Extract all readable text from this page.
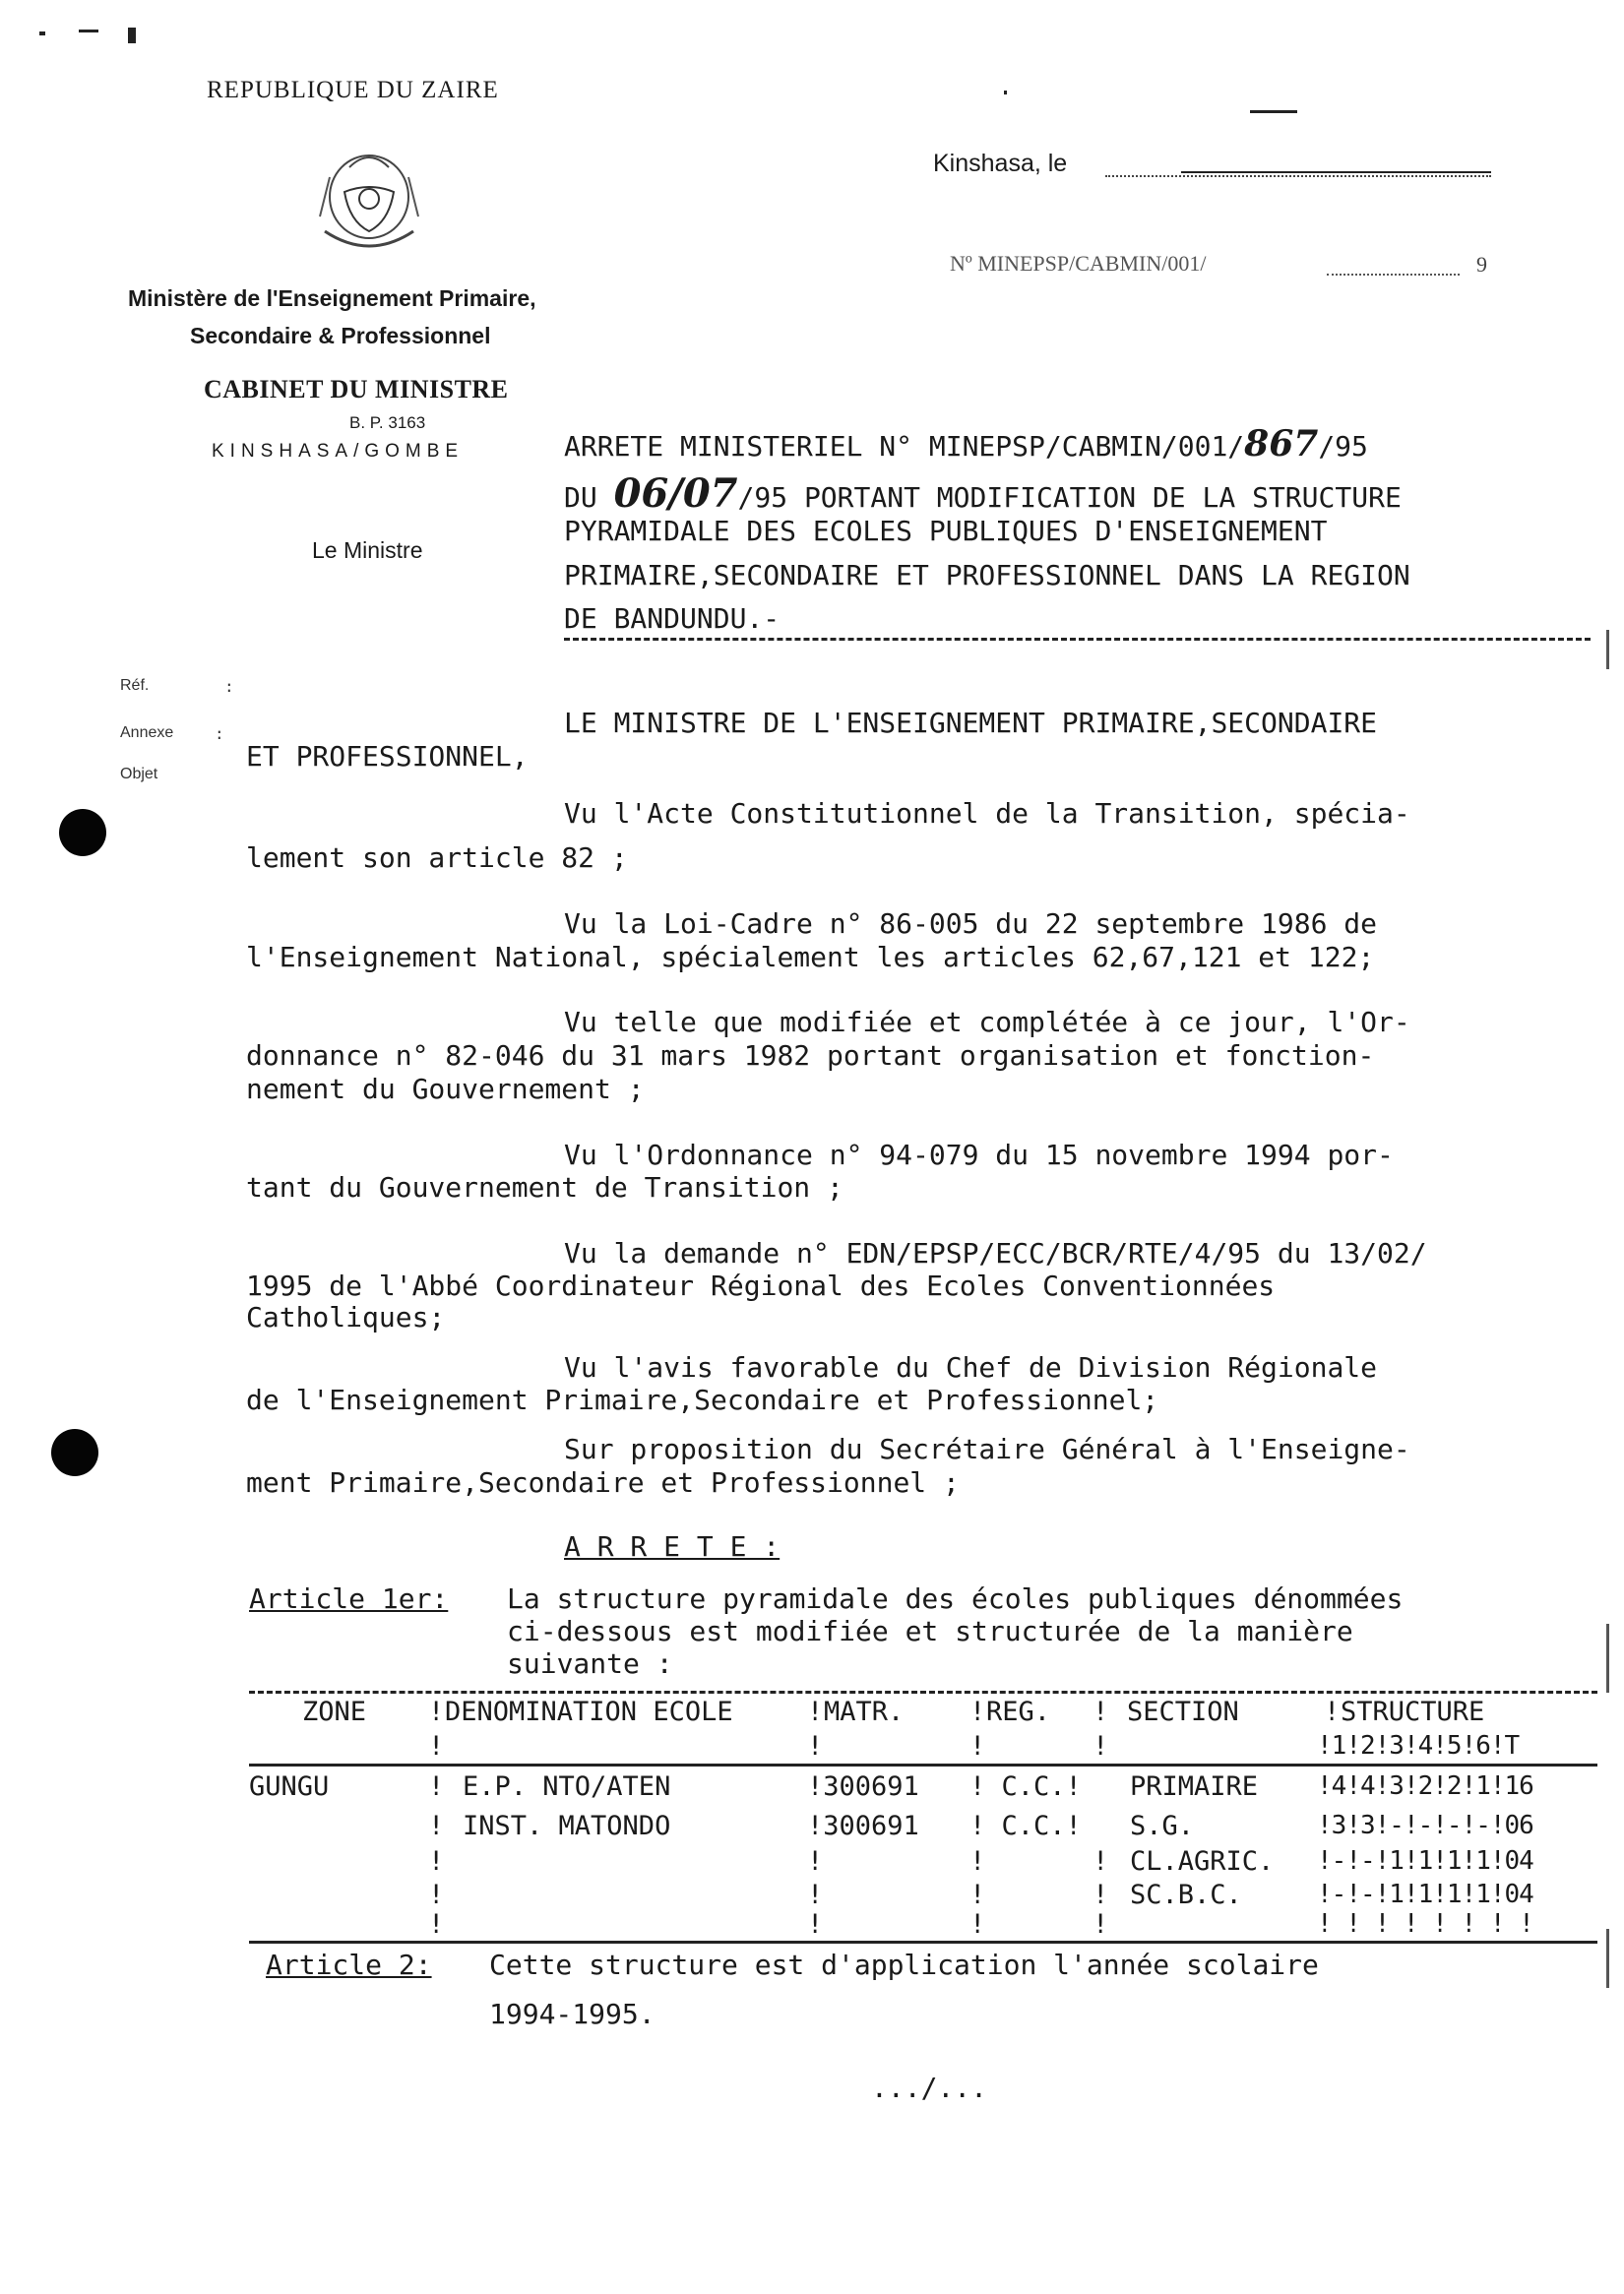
REPUBLIQUE DU ZAIRE
Ministère de l'Enseignement Primaire,
Secondaire & Professionnel
CABINET DU MINISTRE
B. P. 3163
KINSHASA/GOMBE
Le Ministre
Réf.	:
Annexe	:
Objet
Kinshasa, le
Nº MINEPSP/CABMIN/001/	9
ARRETE MINISTERIEL N° MINEPSP/CABMIN/001/867/95
DU 06/07/95 PORTANT MODIFICATION DE LA STRUCTURE
PYRAMIDALE DES ECOLES PUBLIQUES D'ENSEIGNEMENT
PRIMAIRE,SECONDAIRE ET PROFESSIONNEL DANS LA REGION
DE BANDUNDU.-
LE MINISTRE DE L'ENSEIGNEMENT PRIMAIRE,SECONDAIRE
ET PROFESSIONNEL,
Vu l'Acte Constitutionnel de la Transition, spécia-
lement son article 82 ;
Vu la Loi-Cadre n° 86-005 du 22 septembre 1986 de
l'Enseignement National, spécialement les articles 62,67,121 et 122;
Vu telle que modifiée et complétée à ce jour, l'Or-
donnance n° 82-046 du 31 mars 1982 portant organisation et fonction-
nement du Gouvernement ;
Vu l'Ordonnance n° 94-079 du 15 novembre 1994 por-
tant du Gouvernement de Transition ;
Vu la demande n° EDN/EPSP/ECC/BCR/RTE/4/95 du 13/02/
1995 de l'Abbé Coordinateur Régional des Ecoles Conventionnées
Catholiques;
Vu l'avis favorable du Chef de Division Régionale
de l'Enseignement Primaire,Secondaire et Professionnel;
Sur proposition du Secrétaire Général à l'Enseigne-
ment Primaire,Secondaire et Professionnel ;
A R R E T E :
Article 1er: La structure pyramidale des écoles publiques dénommées
ci-dessous est modifiée et structurée de la manière
suivante :
ZONE ! DENOMINATION ECOLE	! MATR. ! REG. ! SECTION	! STRUCTURE
!	!	!	!	!1!2!3!4!5!6!T
GUNGU	! E.P. NTO/ATEN	!300691 ! C.C.! PRIMAIRE !4!4!3!2!2!1!16
! INST. MATONDO	!300691 ! C.C.! S.G.	!3!3!-!-!-!-!06
!	!	!	! CL.AGRIC. !-!-!1!1!1!1!04
!	!	!	! SC.B.C.	!-!-!1!1!1!1!04
!	!	!	!	! ! ! ! ! ! ! !
Article 2: Cette structure est d'application l'année scolaire
1994-1995.
.../...
